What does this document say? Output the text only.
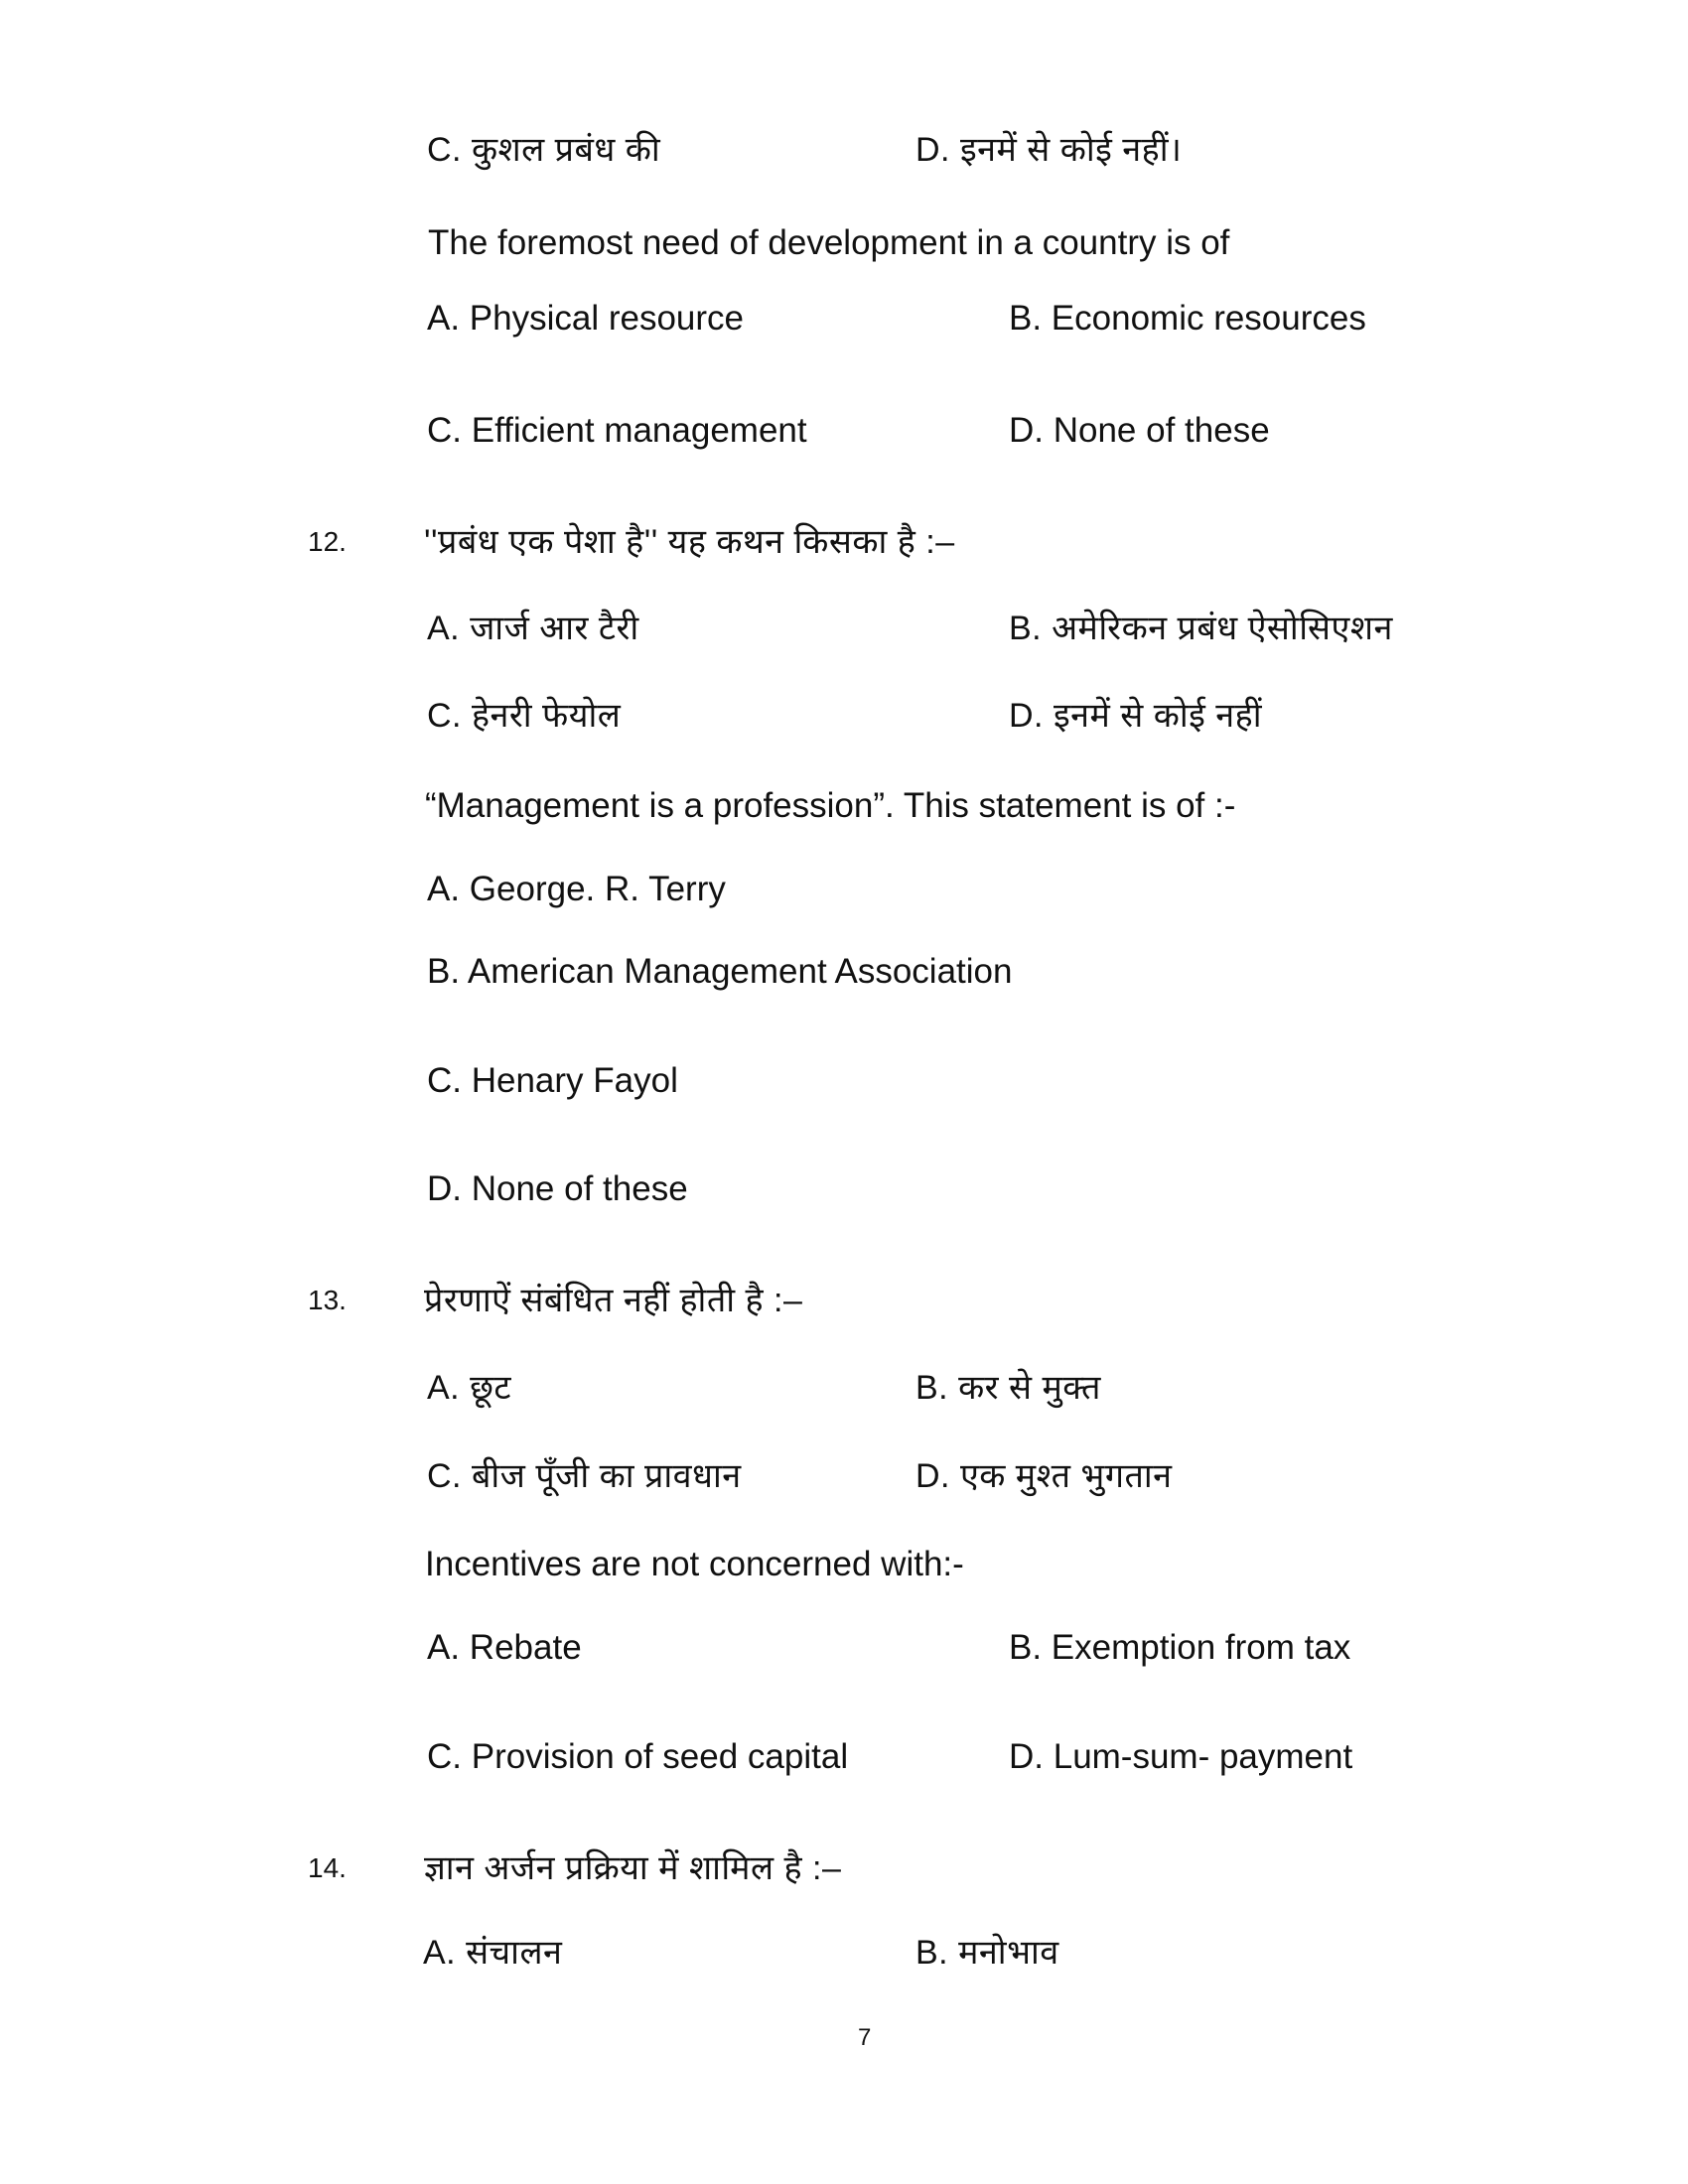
C. कुशल प्रबंध की	D. इनमें से कोई नहीं।
The foremost need of development in a country is of
A. Physical resource	B. Economic resources
C. Efficient management	D. None of these
12. ''प्रबंध एक पेशा है'' यह कथन किसका है :–
A. जार्ज आर टैरी	B. अमेरिकन प्रबंध ऐसोसिएशन
C. हेनरी फेयोल	D. इनमें से कोई नहीं
“Management is a profession”. This statement is of :-
A. George. R. Terry
B. American Management Association
C. Henary Fayol
D. None of these
13. प्रेरणाऐं संबंधित नहीं होती है :–
A. छूट	B. कर से मुक्त
C. बीज पूँजी का प्रावधान	D. एक मुश्त भुगतान
Incentives are not concerned with:-
A. Rebate	B. Exemption from tax
C. Provision of seed capital	D. Lum-sum- payment
14. ज्ञान अर्जन प्रक्रिया में शामिल है :–
A. संचालन	B. मनोभाव
7
